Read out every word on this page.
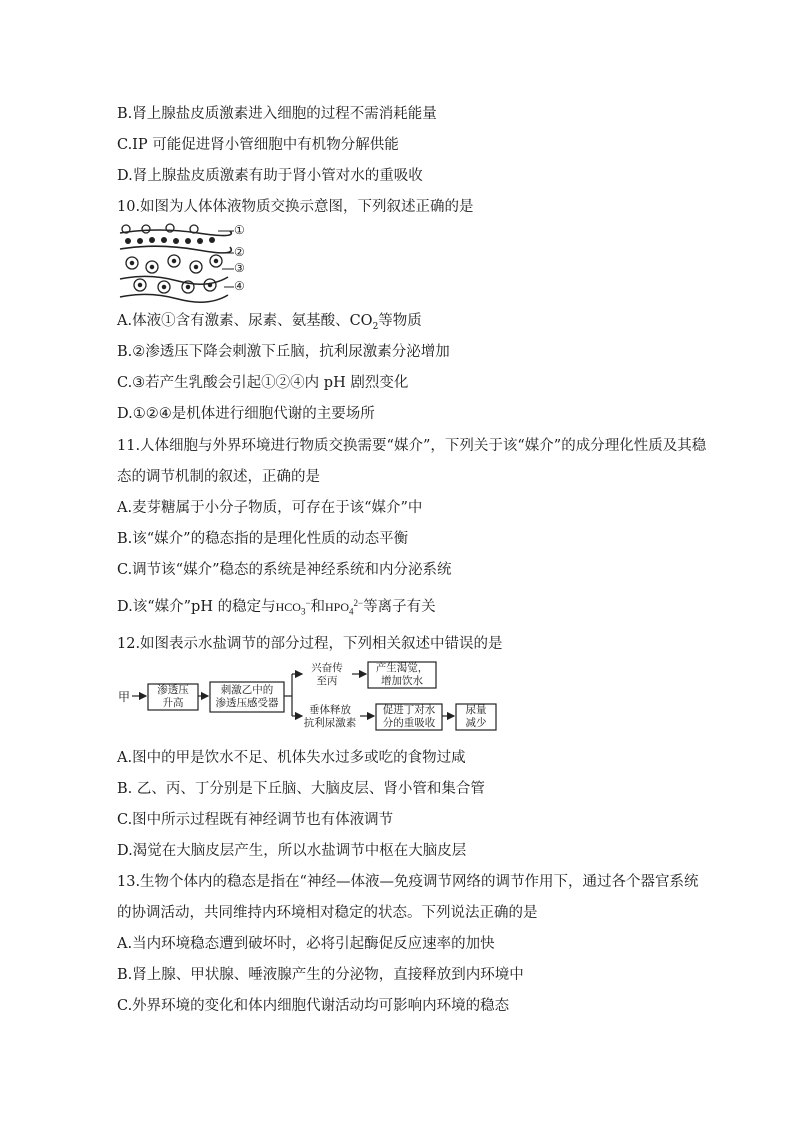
B.肾上腺盐皮质激素进入细胞的过程不需消耗能量
C.IP 可能促进肾小管细胞中有机物分解供能
D.肾上腺盐皮质激素有助于肾小管对水的重吸收
10.如图为人体体液物质交换示意图，下列叙述正确的是
①
②
③
④
A.体液①含有激素、尿素、氨基酸、$CO_2$等物质
B.②渗透压下降会刺激下丘脑，抗利尿激素分泌增加
C.③若产生乳酸会引起①②④内 pH 剧烈变化
D.①②④是机体进行细胞代谢的主要场所
11.人体细胞与外界环境进行物质交换需要“媒介”，下列关于该“媒介”的成分理化性质及其稳
态的调节机制的叙述，正确的是
A.麦芽糖属于小分子物质，可存在于该“媒介”中
B.该“媒介”的稳态指的是理化性质的动态平衡
C.调节该“媒介”稳态的系统是神经系统和内分泌系统
D.该“媒介”pH 的稳定与$HCO_3^-$和$HPO_4^{2-}$等离子有关
12.如图表示水盐调节的部分过程，下列相关叙述中错误的是
甲	渗透压
升高
刺激乙中的
渗透压感受器
兴奋传
至丙
产生渴觉，
增加饮水
垂体释放
抗利尿激素
促进丁对水
分的重吸收
尿量
减少
A.图中的甲是饮水不足、机体失水过多或吃的食物过咸
B. 乙、丙、丁分别是下丘脑、大脑皮层、肾小管和集合管
C.图中所示过程既有神经调节也有体液调节
D.渴觉在大脑皮层产生，所以水盐调节中枢在大脑皮层
13.生物个体内的稳态是指在“神经—体液—免疫调节网络的调节作用下，通过各个器官系统
的协调活动，共同维持内环境相对稳定的状态。下列说法正确的是
A.当内环境稳态遭到破坏时，必将引起酶促反应速率的加快
B.肾上腺、甲状腺、唾液腺产生的分泌物，直接释放到内环境中
C.外界环境的变化和体内细胞代谢活动均可影响内环境的稳态
